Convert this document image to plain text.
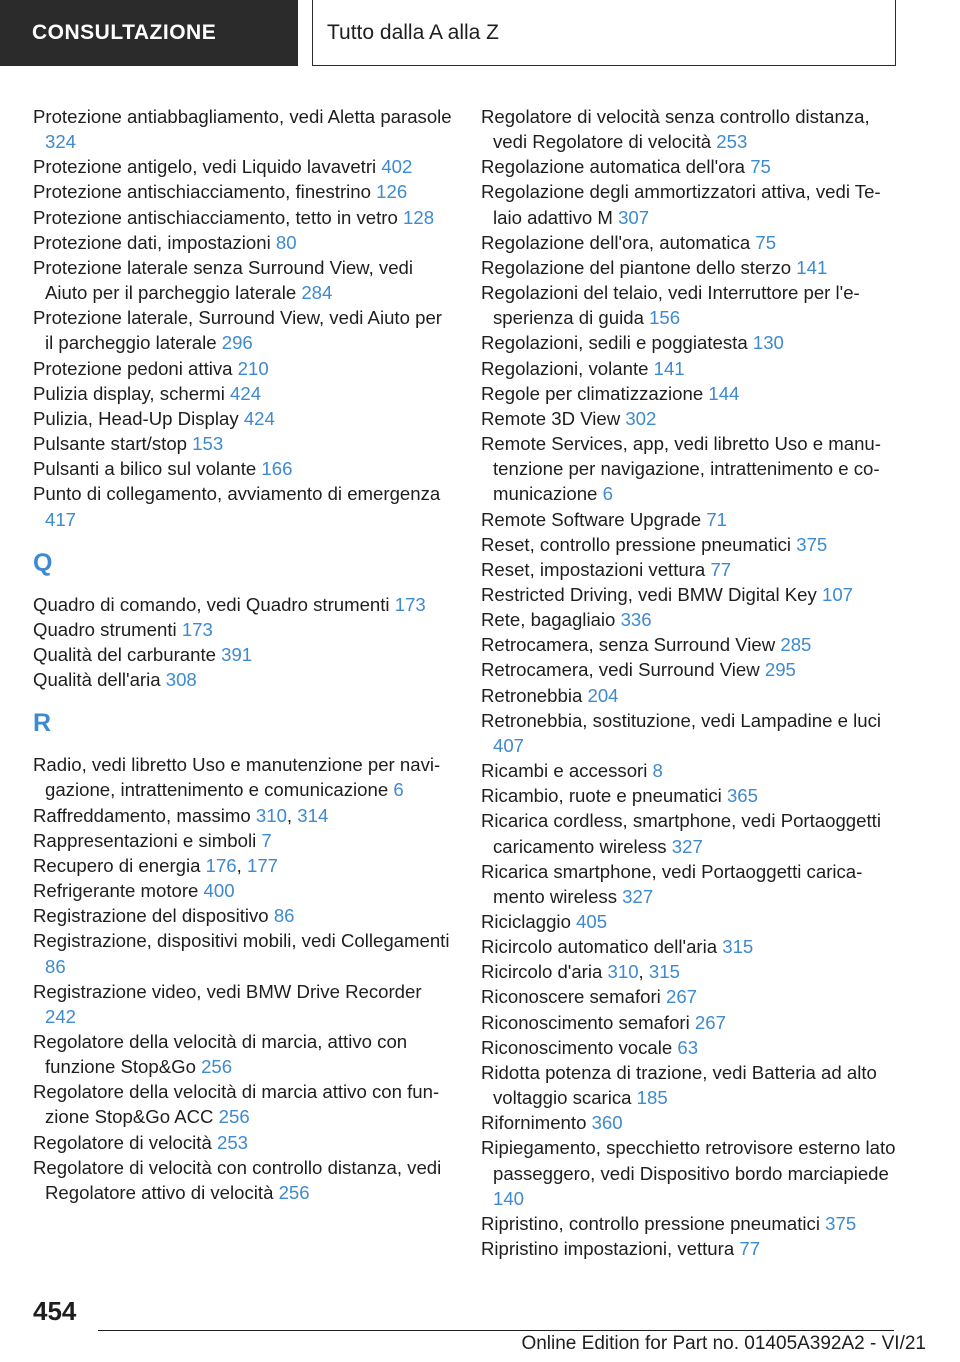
CONSULTAZIONE	Tutto dalla A alla Z
Protezione antiabbagliamento, vedi Aletta parasole 324
Protezione antigelo, vedi Liquido lavavetri 402
Protezione antischiacciamento, finestrino 126
Protezione antischiacciamento, tetto in vetro 128
Protezione dati, impostazioni 80
Protezione laterale senza Surround View, vedi Aiuto per il parcheggio laterale 284
Protezione laterale, Surround View, vedi Aiuto per il parcheggio laterale 296
Protezione pedoni attiva 210
Pulizia display, schermi 424
Pulizia, Head-Up Display 424
Pulsante start/stop 153
Pulsanti a bilico sul volante 166
Punto di collegamento, avviamento di emergenza 417
Q
Quadro di comando, vedi Quadro strumenti 173
Quadro strumenti 173
Qualità del carburante 391
Qualità dell'aria 308
R
Radio, vedi libretto Uso e manutenzione per navigazione, intrattenimento e comunicazione 6
Raffreddamento, massimo 310, 314
Rappresentazioni e simboli 7
Recupero di energia 176, 177
Refrigerante motore 400
Registrazione del dispositivo 86
Registrazione, dispositivi mobili, vedi Collegamenti 86
Registrazione video, vedi BMW Drive Recorder 242
Regolatore della velocità di marcia, attivo con funzione Stop&Go 256
Regolatore della velocità di marcia attivo con funzione Stop&Go ACC 256
Regolatore di velocità 253
Regolatore di velocità con controllo distanza, vedi Regolatore attivo di velocità 256
Regolatore di velocità senza controllo distanza, vedi Regolatore di velocità 253
Regolazione automatica dell'ora 75
Regolazione degli ammortizzatori attiva, vedi Telaio adattivo M 307
Regolazione dell'ora, automatica 75
Regolazione del piantone dello sterzo 141
Regolazioni del telaio, vedi Interruttore per l'esperienza di guida 156
Regolazioni, sedili e poggiatesta 130
Regolazioni, volante 141
Regole per climatizzazione 144
Remote 3D View 302
Remote Services, app, vedi libretto Uso e manutenzione per navigazione, intrattenimento e comunicazione 6
Remote Software Upgrade 71
Reset, controllo pressione pneumatici 375
Reset, impostazioni vettura 77
Restricted Driving, vedi BMW Digital Key 107
Rete, bagagliaio 336
Retrocamera, senza Surround View 285
Retrocamera, vedi Surround View 295
Retronebbia 204
Retronebbia, sostituzione, vedi Lampadine e luci 407
Ricambi e accessori 8
Ricambio, ruote e pneumatici 365
Ricarica cordless, smartphone, vedi Portaoggetti caricamento wireless 327
Ricarica smartphone, vedi Portaoggetti caricamento wireless 327
Riciclaggio 405
Ricircolo automatico dell'aria 315
Ricircolo d'aria 310, 315
Riconoscere semafori 267
Riconoscimento semafori 267
Riconoscimento vocale 63
Ridotta potenza di trazione, vedi Batteria ad alto voltaggio scarica 185
Rifornimento 360
Ripiegamento, specchietto retrovisore esterno lato passeggero, vedi Dispositivo bordo marciapiede 140
Ripristino, controllo pressione pneumatici 375
Ripristino impostazioni, vettura 77
454
Online Edition for Part no. 01405A392A2 - VI/21
